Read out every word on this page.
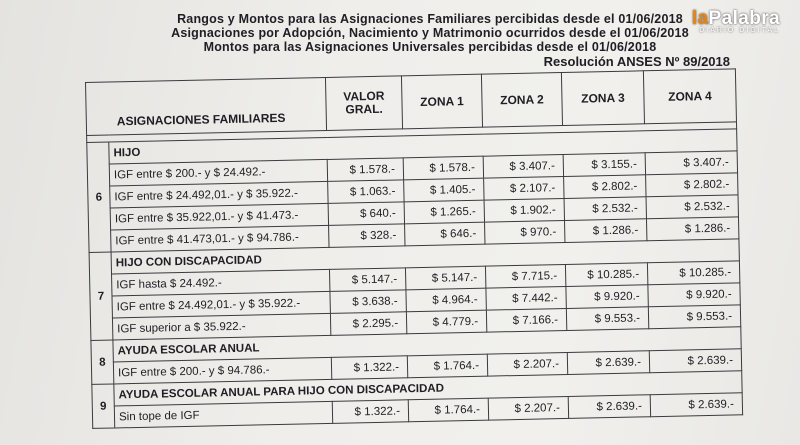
Rangos y Montos para las Asignaciones Familiares percibidas desde el 01/06/2018
Asignaciones por Adopción, Nacimiento y Matrimonio ocurridos desde el 01/06/2018
Montos para las Asignaciones Universales percibidas desde el 01/06/2018
Resolución ANSES Nº 89/2018
laPalabra
DIARIO DIGITAL
ASIGNACIONES FAMILIARES		VALOR GRAL.	ZONA 1	ZONA 2	ZONA 3	ZONA 4

6	HIJO					
	IGF entre $ 200.- y $ 24.492.-	$ 1.578.-	$ 1.578.-	$ 3.407.-	$ 3.155.-	$ 3.407.-
	IGF entre $ 24.492,01.- y $ 35.922.-	$ 1.063.-	$ 1.405.-	$ 2.107.-	$ 2.802.-	$ 2.802.-
	IGF entre $ 35.922,01.- y $ 41.473.-	$ 640.-	$ 1.265.-	$ 1.902.-	$ 2.532.-	$ 2.532.-
	IGF entre $ 41.473,01.- y $ 94.786.-	$ 328.-	$ 646.-	$ 970.-	$ 1.286.-	$ 1.286.-
7	HIJO CON DISCAPACIDAD					
	IGF hasta $ 24.492.-	$ 5.147.-	$ 5.147.-	$ 7.715.-	$ 10.285.-	$ 10.285.-
	IGF entre $ 24.492,01.- y $ 35.922.-	$ 3.638.-	$ 4.964.-	$ 7.442.-	$ 9.920.-	$ 9.920.-
	IGF superior a $ 35.922.-	$ 2.295.-	$ 4.779.-	$ 7.166.-	$ 9.553.-	$ 9.553.-
8	AYUDA ESCOLAR ANUAL					
	IGF entre $ 200.- y $ 94.786.-	$ 1.322.-	$ 1.764.-	$ 2.207.-	$ 2.639.-	$ 2.639.-
9	AYUDA ESCOLAR ANUAL PARA HIJO CON DISCAPACIDAD					
	Sin tope de IGF	$ 1.322.-	$ 1.764.-	$ 2.207.-	$ 2.639.-	$ 2.639.-
